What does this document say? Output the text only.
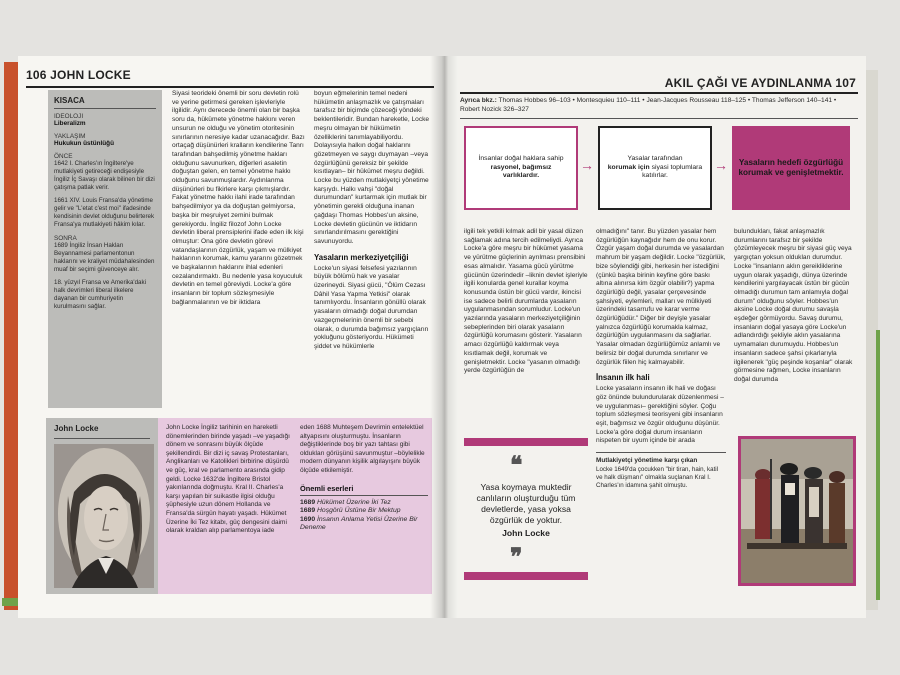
106 JOHN LOCKE
KISACA
IDEOLOJI
Liberalizm
YAKLAŞIM
Hukukun üstünlüğü
ÖNCE
1642 I. Charles'ın İngiltere'ye mutlakiyeti getireceği endişesiyle İngiliz İç Savaşı olarak bilinen bir dizi çatışma patlak verir.
1661 XIV. Louis Fransa'da yönetime gelir ve "L'etat c'est moi" ifadesinde kendisinin devlet olduğunu belirterek Fransa'ya mutlakiyeti hâkim kılar.
SONRA
1689 İngiliz İnsan Hakları Beyannamesi parlamentonun haklarını ve kraliyet müdahalesinden muaf bir seçimi güvenceye alır.
18. yüzyıl Fransa ve Amerika'daki halk devrimleri liberal ilkelere dayanan bir cumhuriyetin kurulmasını sağlar.
Siyasi teorideki önemli bir soru devletin rolü ve yerine getirmesi gereken işlevleriyle ilgilidir. Aynı derecede önemli olan bir başka soru da, hükümete yönetme hakkını veren unsurun ne olduğu ve yönetim otoritesinin sınırlarının neresiye kadar uzanacağıdır. Bazı ortaçağ düşünürleri kralların kendilerine Tanrı tarafından bahşedilmiş yönetme hakları olduğunu savunurken, diğerleri asaletin doğuştan gelen, en temel yönetme hakkı olduğunu savunmuşlardır. Aydınlanma düşünürleri bu fikirlere karşı çıkmışlardır. Fakat yönetme hakkı ilahi irade tarafından bahşedilmiyor ya da doğuştan gelmiyorsa, başka bir meşruiyet zemini bulmak gerekiyordu. İngiliz filozof John Locke devletin liberal prensiplerini ifade eden ilk kişi olmuştur: Ona göre devletin görevi vatandaşlarının özgürlük, yaşam ve mülkiyet haklarının korumak, kamu yararını gözetmek ve başkalarının haklarını ihlal edenleri cezalandırmaktı. Bu nedenle yasa koyuculuk devletin en temel göreviydi. Locke'a göre insanların bir toplum sözleşmesiyle bağlanmalarının ve bir iktidara
boyun eğmelerinin temel nedeni hükümetin anlaşmazlık ve çatışmaları tarafsız bir biçimde çözeceği yöndeki beklentileridir. Bundan hareketle, Locke meşru olmayan bir hükümetin özelliklerini tanımlayabiliyordu. Dolayısıyla halkın doğal haklarını gözetmeyen ve saygı duymayan –veya özgürlüğünü gereksiz bir şekilde kısıtlayan– bir hükümet meşru değildi. Locke bu yüzden mutlakiyetçi yönetime karşıydı. Halkı vahşi "doğal durumundan" kurtarmak için mutlak bir yönetimin gerekli olduğuna inanan çağdaşı Thomas Hobbes'un aksine, Locke devletin gücünün ve iktidarın sınırlandırılmasını gerektiğini savunuyordu.
Yasaların merkeziyetçiliği
Locke'un siyasi felsefesi yazılarının büyük bölümü hak ve yasalar üzerineydi. Siyasi gücü, "Ölüm Cezası Dâhil Yasa Yapma Yetkisi" olarak tanımlıyordu. İnsanların gönüllü olarak yasaların olmadığı doğal durumdan vazgeçmelerinin önemli bir sebebi olarak, o durumda bağımsız yargıçların yokluğunu gösteriyordu. Hükümeti şiddet ve hükümlerle
John Locke	John Locke İngiliz tarihinin en hareketli dönemlerinden birinde yaşadı –ve yaşadığı dönem ve sonrasını büyük ölçüde şekillendirdi. Bir dizi iç savaş Protestanları, Anglikanları ve Katolikleri birbirine düşürdü ve güç, kral ve parlamento arasında gidip geldi. Locke 1632'de İngiltere Bristol yakınlarında doğmuştu. Kral II. Charles'a karşı yapılan bir suikastle ilgisi olduğu şüphesiyle uzun dönem Hollanda ve Fransa'da sürgün hayatı yaşadı. Hükümet Üzerine İki Tez kitabı, güç dengesini daimi olarak kraldan alıp parlamentoya iade
eden 1688 Muhteşem Devrimin entelektüel altyapısını oluşturmuştu. İnsanların değiştiklerinde boş bir yazı tahtası gibi oldukları görüşünü savunmuştur –böylelikle modern dünyanın kişilik algılayışını büyük ölçüde etkilemiştir.
Önemli eserleri
1689 Hükümet Üzerine İki Tez
1689 Hoşgörü Üstüne Bir Mektup
1690 İnsanın Anlama Yetisi Üzerine Bir Deneme
AKIL ÇAĞI VE AYDINLANMA 107
Ayrıca bkz.: Thomas Hobbes 96–103 • Montesquieu 110–111 • Jean-Jacques Rousseau 118–125 • Thomas Jefferson 140–141 • Robert Nozick 326–327
İnsanlar doğal haklara sahip
rasyonel, bağımsız varlıklardır.
→	Yasalar tarafından
korumak için siyasi toplumlara katılırlar.
→ Yasaların hedefi özgürlüğü korumak ve genişletmektir.
ilgili tek yetkili kılmak adil bir yasal düzen sağlamak adına tercih edilmeliydi. Ayrıca Locke'a göre meşru bir hükümet yasama ve yürütme güçlerinin ayrılması prensibini esas almalıdır. Yasama gücü yürütme gücünün üzerindedir –liknin devlet işleriyle ilgili konularda genel kurallar koyma konusunda üstün bir gücü vardır, ikincisi ise sadece belirli durumlarda yasaların uygulanmasından sorumludur. Locke'un yazılarında yasaların merkeziyetçiliğinin sebeplerinden biri olarak yasaların özgürlüğü korumasını gösterir. Yasaların amacı özgürlüğü kaldırmak veya kısıtlamak değil, korumak ve genişletmektir. Locke "yasanın olmadığı yerde özgürlüğün de
❛❛
Yasa koymaya muktedir canlıların oluşturduğu tüm devletlerde, yasa yoksa özgürlük de yoktur.
John Locke
❜❜
olmadığını" tanır. Bu yüzden yasalar hem özgürlüğün kaynağıdır hem de onu korur. Özgür yaşam doğal durumda ve yasalardan mahrum bir yaşam değildir. Locke "özgürlük, bize söylendiği gibi, herkesin her istediğini (çünkü başka birinin keyfine göre baskı altına alınırsa kim özgür olabilir?) yapma özgürlüğü değil, yasalar çerçevesinde şahsiyeti, eylemleri, malları ve mülkiyeti üzerindeki tasarrufu ve karar verme özgürlüğüdür." Diğer bir deyişle yasalar yalnızca özgürlüğü korumakla kalmaz, özgürlüğün uygulanmasını da sağlarlar. Yasalar olmadan özgürlüğümüz anlamlı ve belirsiz bir doğal durumda sınırlanır ve özgürlük fiilen hiç kalmayabilir.
İnsanın ilk hali
Locke yasaların insanın ilk hali ve doğası göz önünde bulundurularak düzenlenmesi –ve uygulanması– gerektiğini söyler. Çoğu toplum sözleşmesi teorisyeni gibi insanların eşit, bağımsız ve özgür olduğunu düşünür. Locke'a göre doğal durum insanların nispeten bir uyum içinde bir arada
Mutlakiyetçi yönetime karşı çıkan
Locke 1649'da çocukken "bir tiran, hain, katil ve halk düşmanı" olmakla suçlanan Kral I. Charles'ın idamına şahit olmuştu.
bulundukları, fakat anlaşmazlık durumlarını tarafsız bir şekilde çözümleyecek meşru bir siyasi güç veya yargıçtan yoksun oldukları durumdur. Locke "insanların aklın gereikliklerine uygun olarak yaşadığı, dünya üzerinde kendilerini yargılayacak üstün bir gücün olmadığı durumun tam anlamıyla doğal durum" olduğunu söyler. Hobbes'un aksine Locke doğal durumu savaşla eşdeğer görmüyordu. Savaş durumu, insanların doğal yasaya göre Locke'un adlandırdığı şekliyle aklın yasalarına uymamaları durumuydu. Hobbes'un insanların sadece şahsi çıkarlarıyla ilgilenerek "güç peşinde koşanlar" olarak görmesine rağmen, Locke insanların doğal durumda
